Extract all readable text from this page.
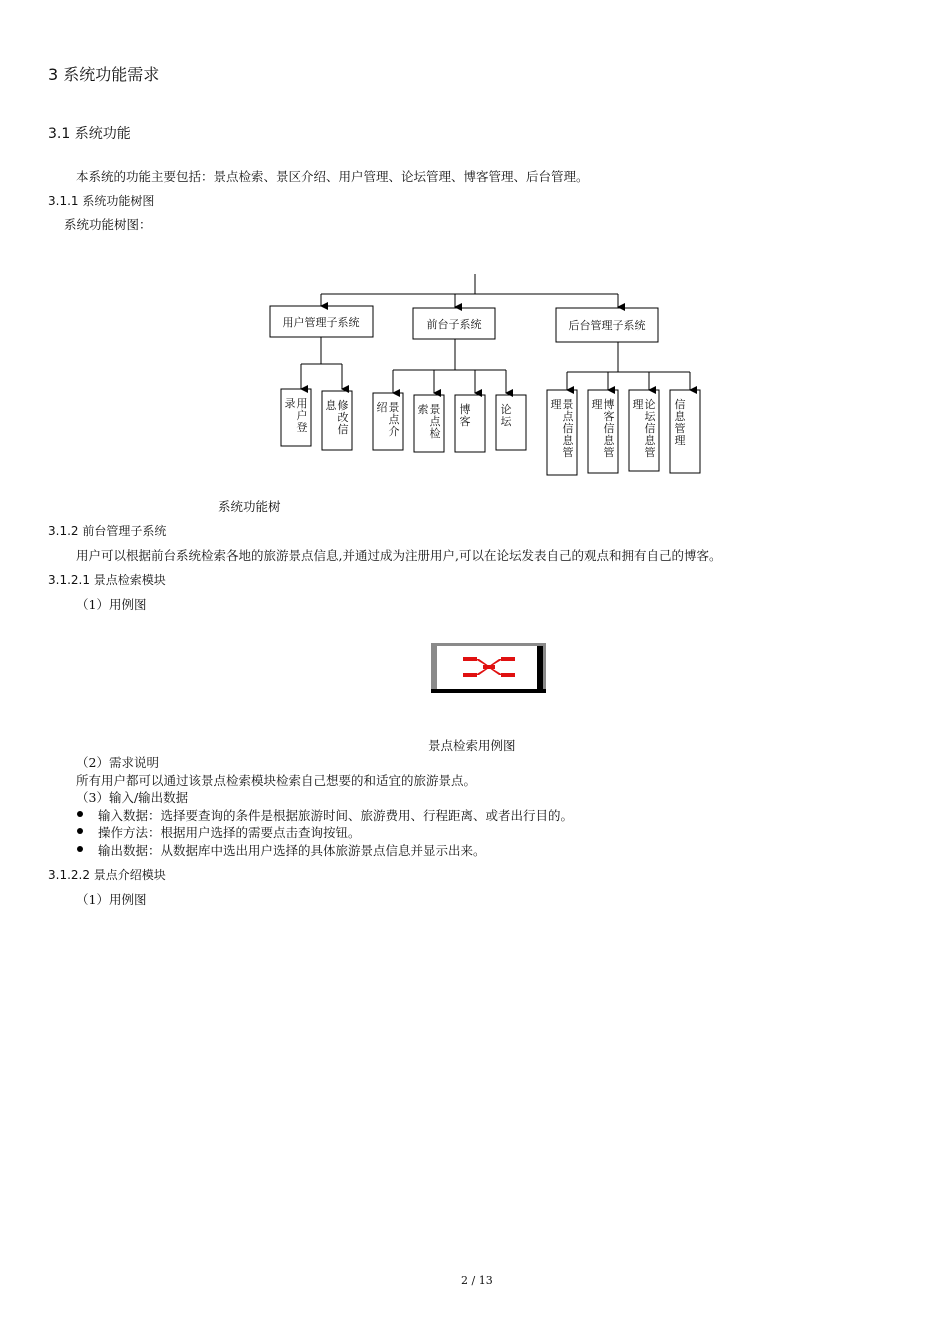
3 系统功能需求
3.1 系统功能
本系统的功能主要包括：景点检索、景区介绍、用户管理、论坛管理、博客管理、后台管理。
3.1.1 系统功能树图
系统功能树图：
用户管理子系统	前台子系统	后台管理子系统
用
户
登
录	修
改
信
息	景
点
介
绍	景
点
检
索	博
客
论
坛
景
点
信
息
管
理	博
客
信
息
管
理	论
坛
信
息
管
理	信
息
管
理
系统功能树
3.1.2 前台管理子系统
用户可以根据前台系统检索各地的旅游景点信息,并通过成为注册用户,可以在论坛发表自己的观点和拥有自己的博客。
3.1.2.1 景点检索模块
（1）用例图
景点检索用例图
（2）需求说明
所有用户都可以通过该景点检索模块检索自己想要的和适宜的旅游景点。
（3）输入/输出数据
输入数据：选择要查询的条件是根据旅游时间、旅游费用、行程距离、或者出行目的。
操作方法：根据用户选择的需要点击查询按钮。
输出数据：从数据库中选出用户选择的具体旅游景点信息并显示出来。
3.1.2.2 景点介绍模块
（1）用例图
2 / 13
